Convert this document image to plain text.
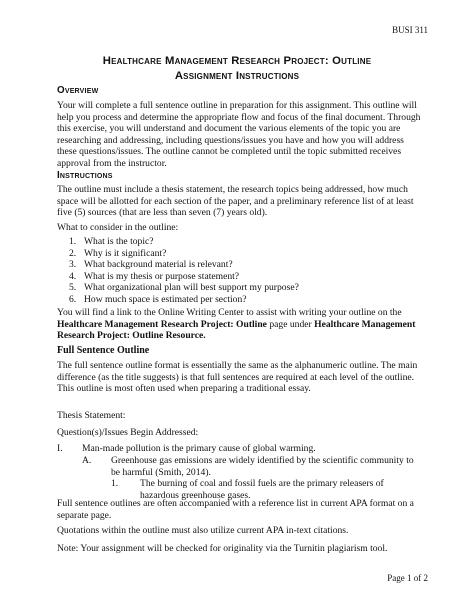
BUSI 311
Healthcare Management Research Project: Outline
Assignment Instructions
Overview
Your will complete a full sentence outline in preparation for this assignment. This outline will help you process and determine the appropriate flow and focus of the final document. Through this exercise, you will understand and document the various elements of the topic you are researching and addressing, including questions/issues you have and how you will address these questions/issues. The outline cannot be completed until the topic submitted receives approval from the instructor.
Instructions
The outline must include a thesis statement, the research topics being addressed, how much space will be allotted for each section of the paper, and a preliminary reference list of at least five (5) sources (that are less than seven (7) years old).
What to consider in the outline:
1. What is the topic?
2. Why is it significant?
3. What background material is relevant?
4. What is my thesis or purpose statement?
5. What organizational plan will best support my purpose?
6. How much space is estimated per section?
You will find a link to the Online Writing Center to assist with writing your outline on the Healthcare Management Research Project: Outline page under Healthcare Management Research Project: Outline Resource.
Full Sentence Outline
The full sentence outline format is essentially the same as the alphanumeric outline. The main difference (as the title suggests) is that full sentences are required at each level of the outline. This outline is most often used when preparing a traditional essay.
Thesis Statement:
Question(s)/Issues Begin Addressed:
I. Man-made pollution is the primary cause of global warming.
A. Greenhouse gas emissions are widely identified by the scientific community to be harmful (Smith, 2014).
1. The burning of coal and fossil fuels are the primary releasers of hazardous greenhouse gases.
Page 1 of 2
Full sentence outlines are often accompanied with a reference list in current APA format on a separate page.
Quotations within the outline must also utilize current APA in-text citations.
Note: Your assignment will be checked for originality via the Turnitin plagiarism tool.
